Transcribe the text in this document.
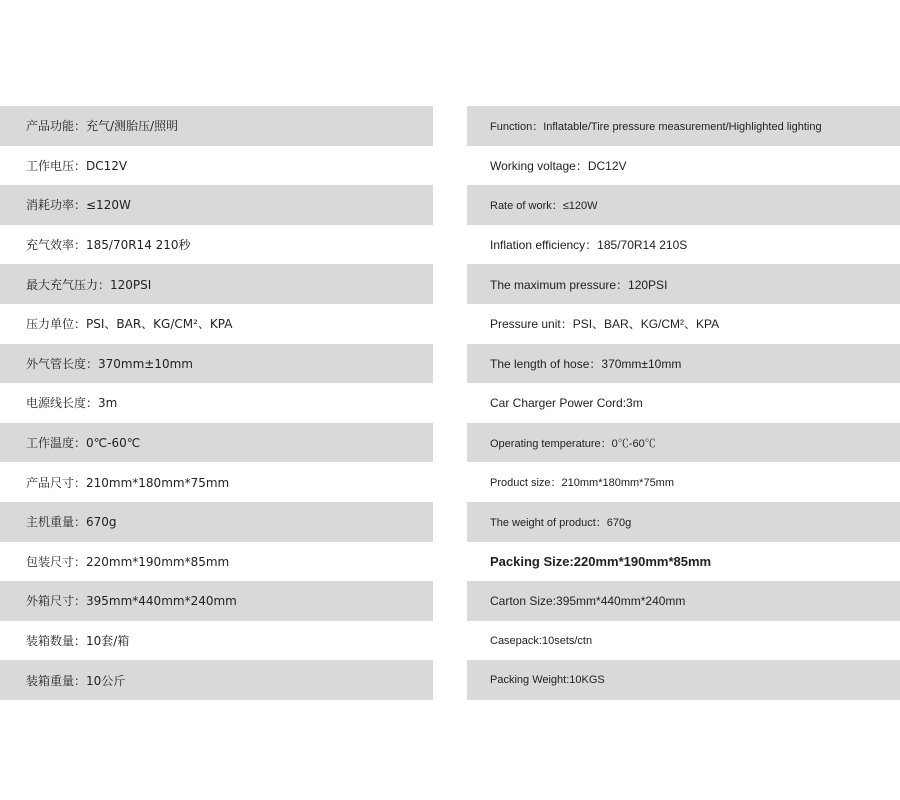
产品功能：充气/测胎压/照明	Function：Inflatable/Tire pressure measurement/Highlighted lighting
工作电压：DC12V	Working voltage：DC12V
消耗功率：≤120W	Rate of work：≤120W
充气效率：185/70R14 210秒	Inflation efficiency：185/70R14 210S
最大充气压力：120PSI	The maximum pressure：120PSI
压力单位：PSI、BAR、KG/CM²、KPA	Pressure unit：PSI、BAR、KG/CM²、KPA
外气管长度：370mm±10mm	The length of hose：370mm±10mm
电源线长度：3m	Car Charger Power Cord:3m
工作温度：0℃-60℃	Operating temperature：0℃-60℃
产品尺寸：210mm*180mm*75mm	Product size：210mm*180mm*75mm
主机重量：670g	The weight of product：670g
包装尺寸：220mm*190mm*85mm	Packing Size:220mm*190mm*85mm
外箱尺寸：395mm*440mm*240mm	Carton Size:395mm*440mm*240mm
装箱数量：10套/箱	Casepack:10sets/ctn
装箱重量：10公斤	Packing Weight:10KGS
